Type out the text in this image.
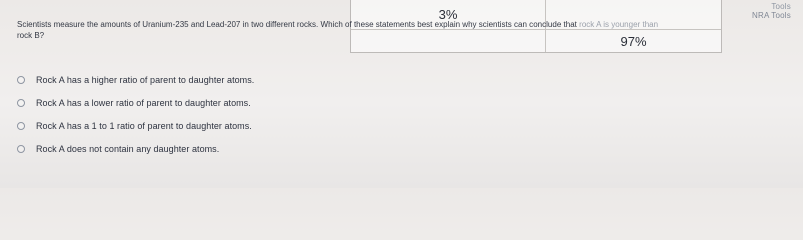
3%
97%
Tools
NRA Tools
Scientists measure the amounts of Uranium-235 and Lead-207 in two different rocks. Which of these statements best explain why scientists can conclude that rock A is younger than
rock B?
Rock A has a higher ratio of parent to daughter atoms.
Rock A has a lower ratio of parent to daughter atoms.
Rock A has a 1 to 1 ratio of parent to daughter atoms.
Rock A does not contain any daughter atoms.
